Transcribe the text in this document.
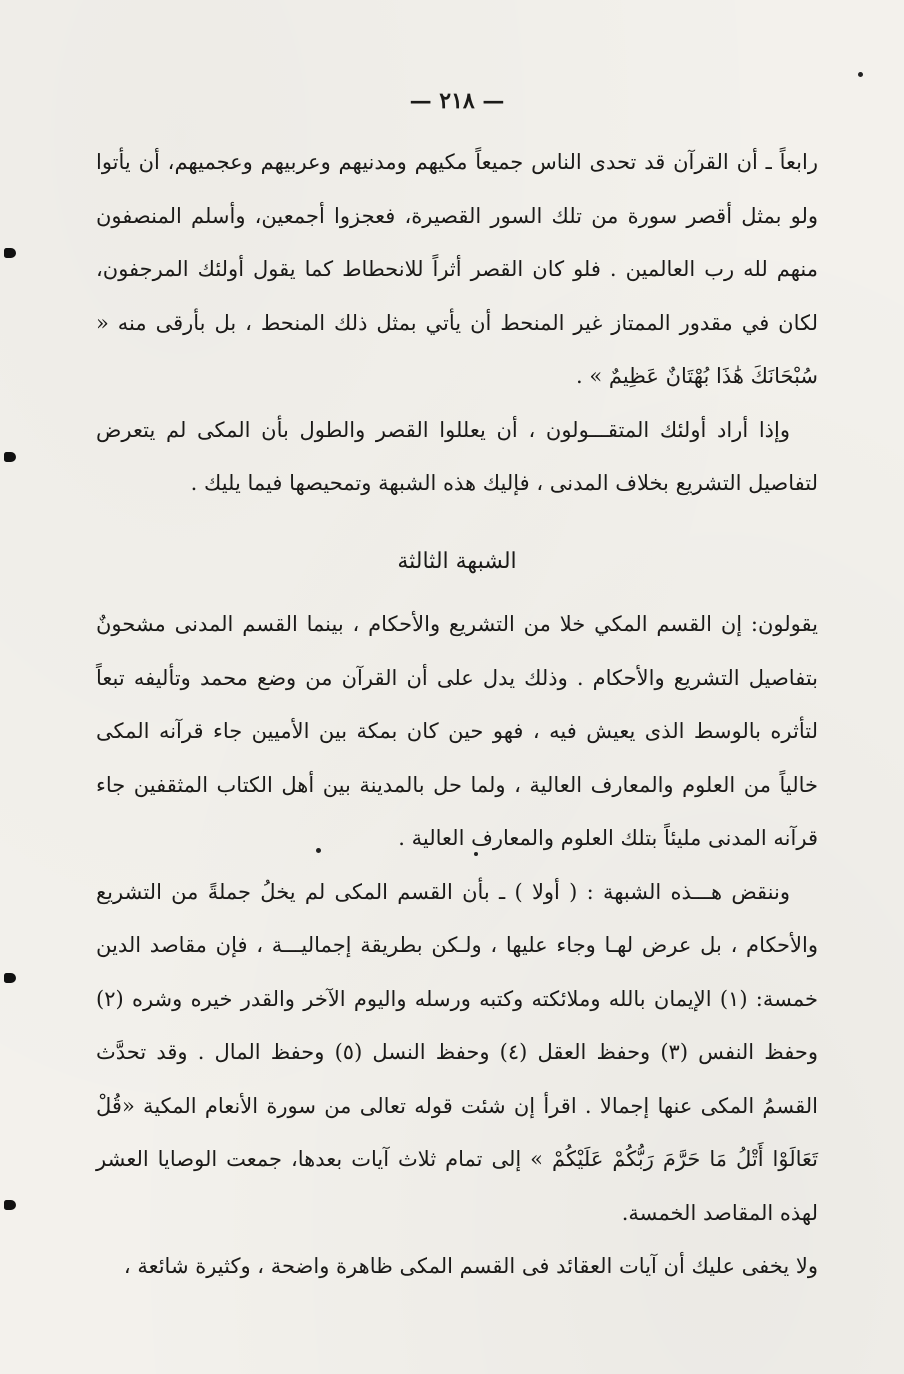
— ٢١٨ —

رابعاً ـ أن القرآن قد تحدى الناس جميعاً مكيهم ومدنيهم وعربيهم وعجميهم، أن يأتوا ولو بمثل أقصر سورة من تلك السور القصيرة، فعجزوا أجمعين، وأسلم المنصفون منهم لله رب العالمين . فلو كان القصر أثراً للانحطاط كما يقول أولئك المرجفون، لكان في مقدور الممتاز غير المنحط أن يأتي بمثل ذلك المنحط ، بل بأرقى منه « سُبْحَانَكَ هَٰذَا بُهْتَانٌ عَظِيمٌ » .

وإذا أراد أولئك المتقـــولون ، أن يعللوا القصر والطول بأن المكى لم يتعرض لتفاصيل التشريع بخلاف المدنى ، فإليك هذه الشبهة وتمحيصها فيما يليك .

الشبهة الثالثة

يقولون: إن القسم المكي خلا من التشريع والأحكام ، بينما القسم المدنى مشحونٌ بتفاصيل التشريع والأحكام . وذلك يدل على أن القرآن من وضع محمد وتأليفه تبعاً لتأثره بالوسط الذى يعيش فيه ، فهو حين كان بمكة بين الأميين جاء قرآنه المكى خالياً من العلوم والمعارف العالية ، ولما حل بالمدينة بين أهل الكتاب المثقفين جاء قرآنه المدنى مليئاً بتلك العلوم والمعارف العالية .

وننقض هـــذه الشبهة : ( أولا ) ـ بأن القسم المكى لم يخلُ جملةً من التشريع والأحكام ، بل عرض لهـا وجاء عليها ، ولـكن بطريقة إجماليـــة ، فإن مقاصد الدين خمسة: (١) الإيمان بالله وملائكته وكتبه ورسله واليوم الآخر والقدر خيره وشره (٢) وحفظ النفس (٣) وحفظ العقل (٤) وحفظ النسل (٥) وحفظ المال . وقد تحدَّث القسمُ المكى عنها إجمالا . اقرأ إن شئت قوله تعالى من سورة الأنعام المكية «قُلْ تَعَالَوْا أَتْلُ مَا حَرَّمَ رَبُّكُمْ عَلَيْكُمْ » إلى تمام ثلاث آيات بعدها، جمعت الوصايا العشر لهذه المقاصد الخمسة.

ولا يخفى عليك أن آيات العقائد فى القسم المكى ظاهرة واضحة ، وكثيرة شائعة ،
